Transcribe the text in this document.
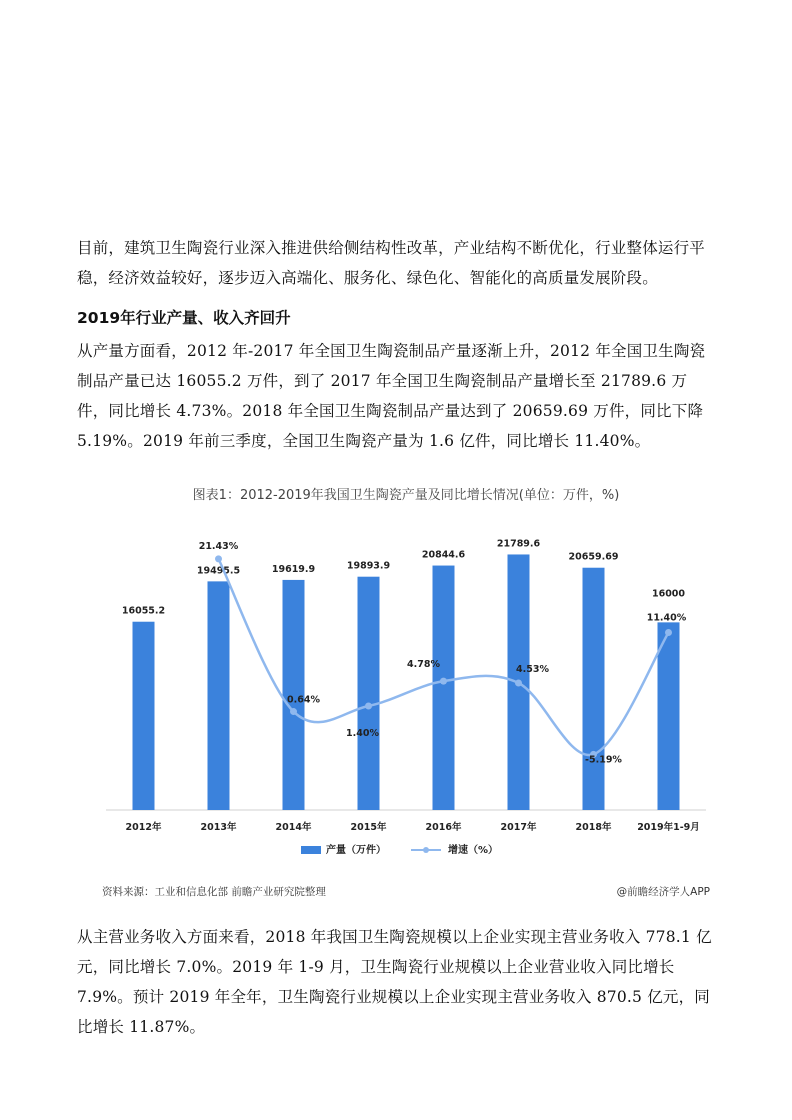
目前，建筑卫生陶瓷行业深入推进供给侧结构性改革，产业结构不断优化，行业整体运行平稳，经济效益较好，逐步迈入高端化、服务化、绿色化、智能化的高质量发展阶段。

2019年行业产量、收入齐回升

从产量方面看，2012 年-2017 年全国卫生陶瓷制品产量逐渐上升，2012 年全国卫生陶瓷制品产量已达 16055.2 万件，到了 2017 年全国卫生陶瓷制品产量增长至 21789.6 万件，同比增长 4.73%。2018 年全国卫生陶瓷制品产量达到了 20659.69 万件，同比下降 5.19%。2019 年前三季度，全国卫生陶瓷产量为 1.6 亿件，同比增长 11.40%。

图表1：2012-2019年我国卫生陶瓷产量及同比增长情况(单位：万件，%)
16055.2
19495.5	19619.9	19893.9
20844.6
21789.6
20659.69
16000
21.43%
0.64%
1.40%
4.78%	4.53%
-5.19%
11.40%
2012年	2013年	2014年	2015年	2016年	2017年	2018年	2019年1-9月
产量（万件）	增速（%）
资料来源：工业和信息化部 前瞻产业研究院整理	@前瞻经济学人APP

从主营业务收入方面来看，2018 年我国卫生陶瓷规模以上企业实现主营业务收入 778.1 亿元，同比增长 7.0%。2019 年 1-9 月，卫生陶瓷行业规模以上企业营业收入同比增长 7.9%。预计 2019 年全年，卫生陶瓷行业规模以上企业实现主营业务收入 870.5 亿元，同比增长 11.87%。
